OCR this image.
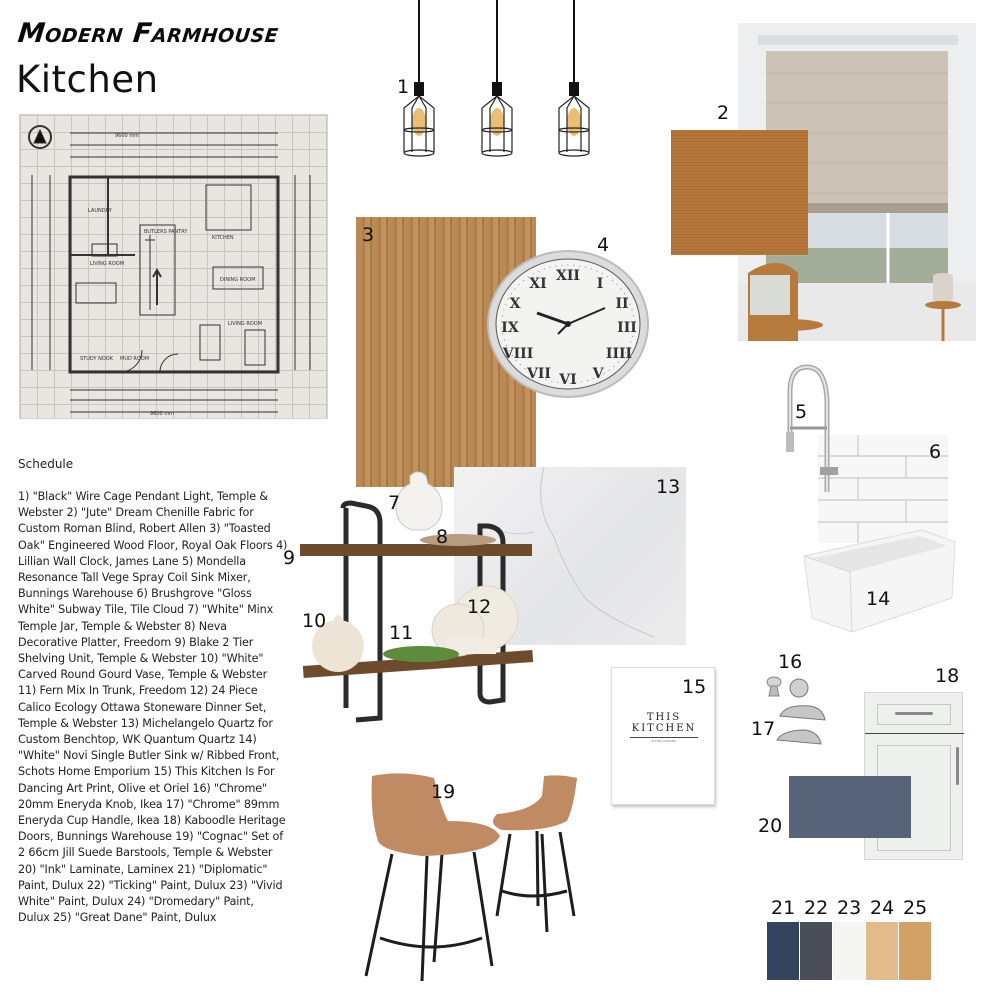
Modern Farmhouse
Kitchen
9600 mm
LAUNDRY
KITCHEN
BUTLERS PANTRY
LIVING ROOM
DINING ROOM
LIVING ROOM
STUDY NOOK MUD ROOM
9600 mm
Schedule
1) "Black" Wire Cage Pendant Light, Temple & Webster 2) "Jute" Dream Chenille Fabric for Custom Roman Blind, Robert Allen 3) "Toasted Oak" Engineered Wood Floor, Royal Oak Floors 4) Lillian Wall Clock, James Lane 5) Mondella Resonance Tall Vege Spray Coil Sink Mixer, Bunnings Warehouse 6) Brushgrove "Gloss White" Subway Tile, Tile Cloud 7) "White" Minx Temple Jar, Temple & Webster 8) Neva Decorative Platter, Freedom 9) Blake 2 Tier Shelving Unit, Temple & Webster 10) "White" Carved Round Gourd Vase, Temple & Webster 11) Fern Mix In Trunk, Freedom 12) 24 Piece Calico Ecology Ottawa Stoneware Dinner Set, Temple & Webster 13) Michelangelo Quartz for Custom Benchtop, WK Quantum Quartz 14) "White" Novi Single Butler Sink w/ Ribbed Front, Schots Home Emporium 15) This Kitchen Is For Dancing Art Print, Olive et Oriel 16) "Chrome" 20mm Eneryda Knob, Ikea 17) "Chrome" 89mm Eneryda Cup Handle, Ikea 18) Kaboodle Heritage Doors, Bunnings Warehouse 19) "Cognac" Set of 2 66cm Jill Suede Barstools, Temple & Webster 20) "Ink" Laminate, Laminex 21) "Diplomatic" Paint, Dulux 22) "Ticking" Paint, Dulux 23) "Vivid White" Paint, Dulux 24) "Dromedary" Paint, Dulux 25) "Great Dane" Paint, Dulux
1
2
3	4
XII I
II
III
IIII
V
VI
VII
VIII
IX
X
XI
13
7
8
9
10
11
12
6
5
14
15
THIS
KITCHEN
IS FOR DANCING
16
17
18
20
19
21 22 23 24 25
